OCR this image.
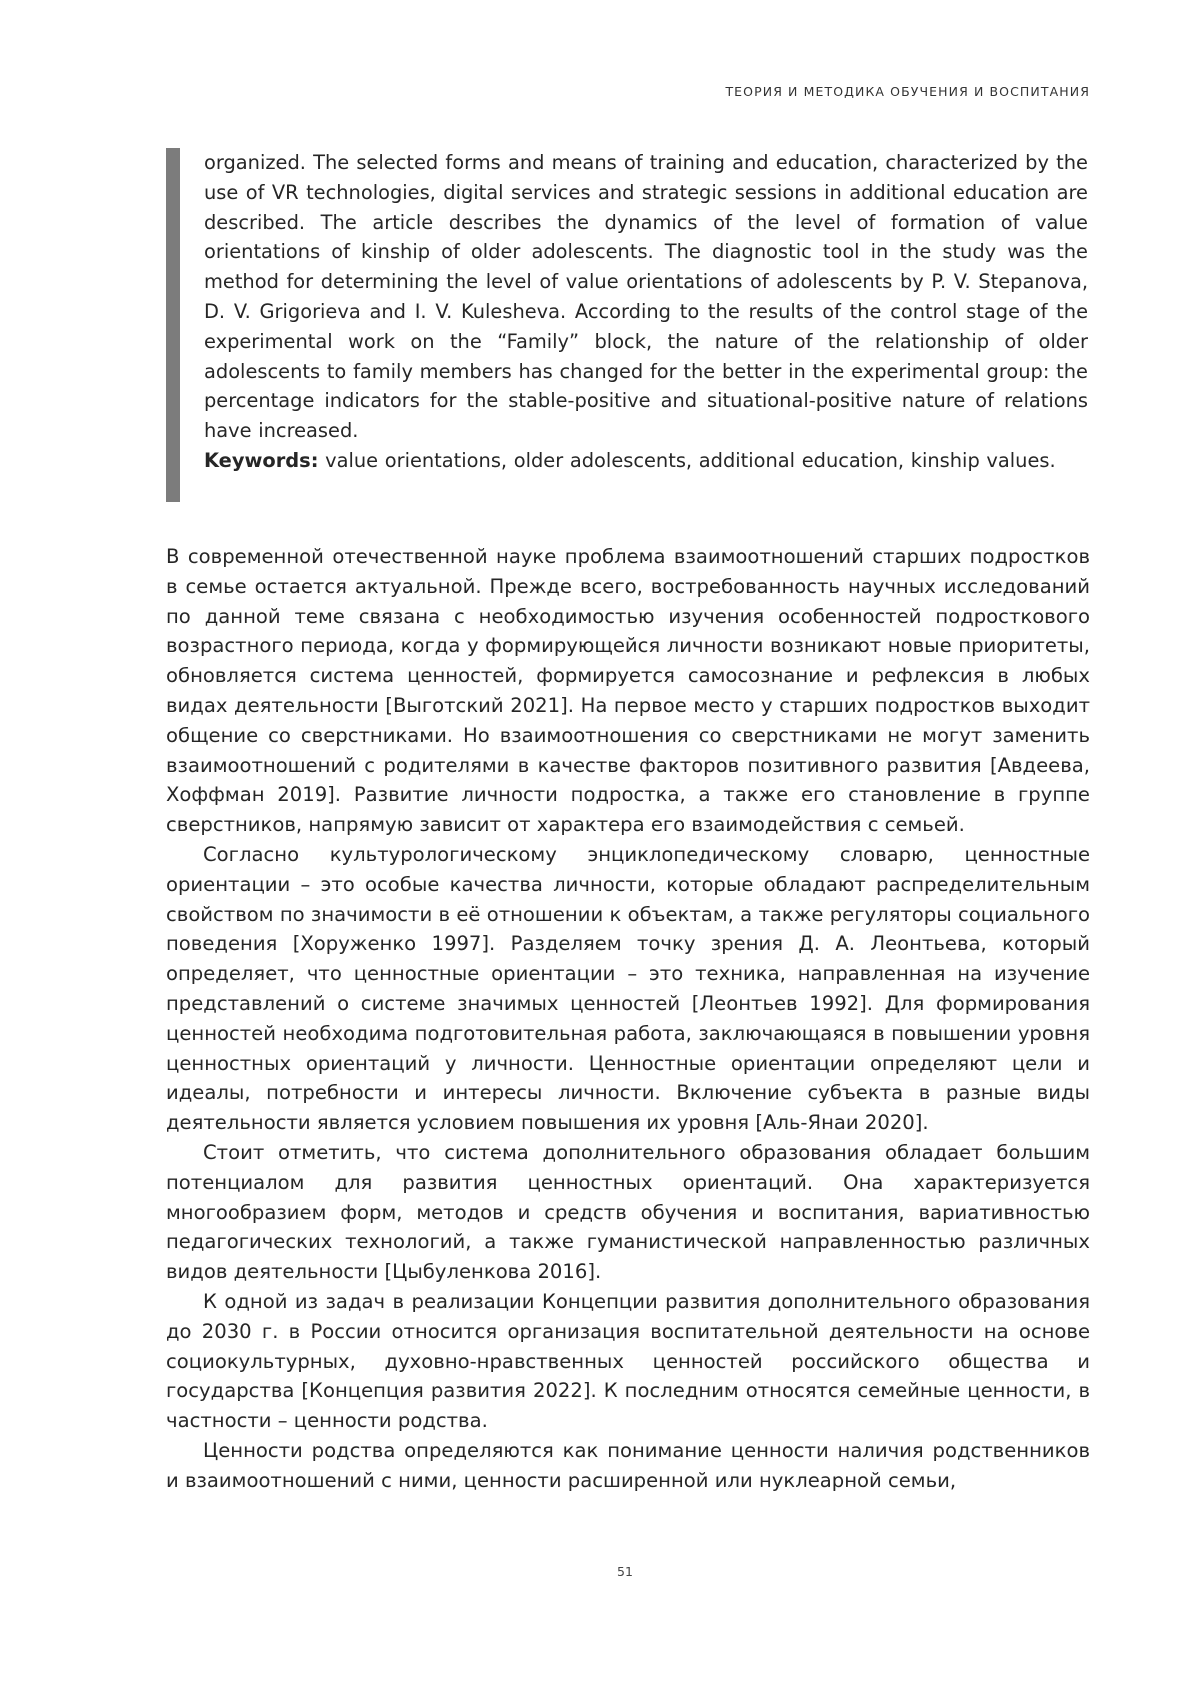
ТЕОРИЯ И МЕТОДИКА ОБУЧЕНИЯ И ВОСПИТАНИЯ

organized. The selected forms and means of training and education, characterized by the use of VR technologies, digital services and strategic sessions in additional education are described. The article describes the dynamics of the level of formation of value orientations of kinship of older adolescents. The diagnostic tool in the study was the method for determining the level of value orientations of adolescents by P. V. Stepanova, D. V. Grigorieva and I. V. Kulesheva. According to the results of the control stage of the experimental work on the “Family” block, the nature of the relationship of older adolescents to family members has changed for the better in the experimental group: the percentage indicators for the stable-positive and situational-positive nature of relations have increased.

Keywords: value orientations, older adolescents, additional education, kinship values.

В современной отечественной науке проблема взаимоотношений старших подростков в семье остается актуальной. Прежде всего, востребованность научных исследований по данной теме связана с необходимостью изучения особенностей подросткового возрастного периода, когда у формирующейся личности возникают новые приоритеты, обновляется система ценностей, формируется самосознание и рефлексия в любых видах деятельности [Выготский 2021]. На первое место у старших подростков выходит общение со сверстниками. Но взаимоотношения со сверстниками не могут заменить взаимоотношений с родителями в качестве факторов позитивного развития [Авдеева, Хоффман 2019]. Развитие личности подростка, а также его становление в группе сверстников, напрямую зависит от характера его взаимодействия с семьей.

Согласно культурологическому энциклопедическому словарю, ценностные ориентации – это особые качества личности, которые обладают распределительным свойством по значимости в её отношении к объектам, а также регуляторы социального поведения [Хоруженко 1997]. Разделяем точку зрения Д. А. Леонтьева, который определяет, что ценностные ориентации – это техника, направленная на изучение представлений о системе значимых ценностей [Леонтьев 1992]. Для формирования ценностей необходима подготовительная работа, заключающаяся в повышении уровня ценностных ориентаций у личности. Ценностные ориентации определяют цели и идеалы, потребности и интересы личности. Включение субъекта в разные виды деятельности является условием повышения их уровня [Аль-Янаи 2020].

Стоит отметить, что система дополнительного образования обладает большим потенциалом для развития ценностных ориентаций. Она характеризуется многообразием форм, методов и средств обучения и воспитания, вариативностью педагогических технологий, а также гуманистической направленностью различных видов деятельности [Цыбуленкова 2016].

К одной из задач в реализации Концепции развития дополнительного образования до 2030 г. в России относится организация воспитательной деятельности на основе социокультурных, духовно-нравственных ценностей российского общества и государства [Концепция развития 2022]. К последним относятся семейные ценности, в частности – ценности родства.

Ценности родства определяются как понимание ценности наличия родственников и взаимоотношений с ними, ценности расширенной или нуклеарной семьи,

51
